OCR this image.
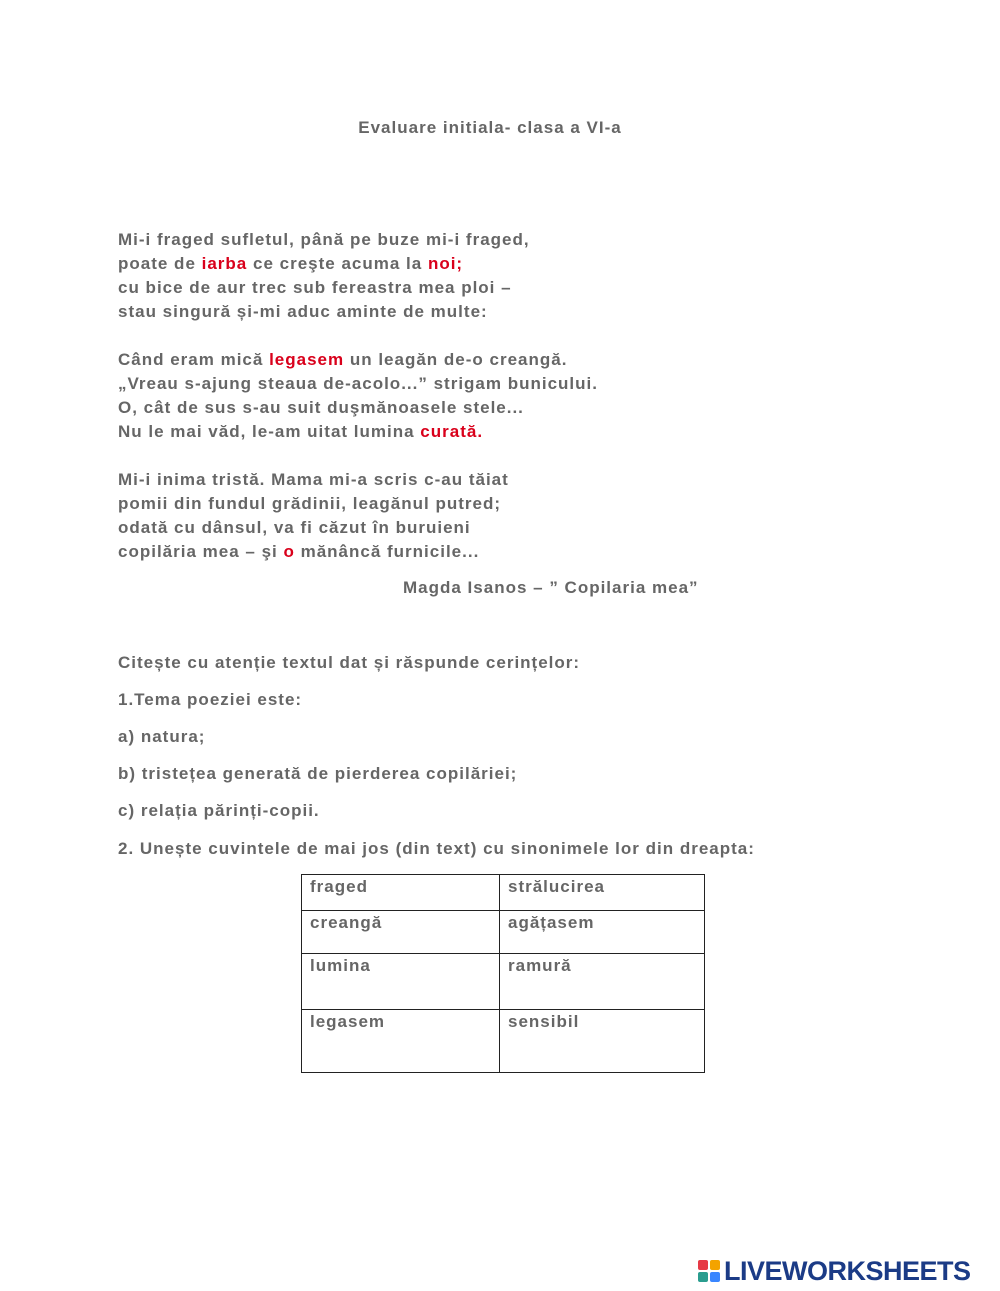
Evaluare initiala- clasa a VI-a
Mi-i fraged sufletul, până pe buze mi-i fraged,
poate de iarba ce creşte acuma la noi;
cu bice de aur trec sub fereastra mea ploi –
stau singură și-mi aduc aminte de multe:
Când eram mică legasem un leagăn de-o creangă.
„Vreau s-ajung steaua de-acolo...” strigam bunicului.
O, cât de sus s-au suit duşmănoasele stele...
Nu le mai văd, le-am uitat lumina curată.
Mi-i inima tristă. Mama mi-a scris c-au tăiat
pomii din fundul grădinii, leagănul putred;
odată cu dânsul, va fi căzut în buruieni
copilăria mea – şi o mănâncă furnicile...
Magda Isanos – ” Copilaria mea”
Citește cu atenție textul dat și răspunde cerințelor:
1.Tema poeziei este:
a) natura;
b) tristețea generată de pierderea copilăriei;
c) relația părinți-copii.
2. Unește cuvintele de mai jos (din text) cu sinonimele lor din dreapta:
fraged	strălucirea
creangă	agățasem
lumina	ramură
legasem	sensibil
LIVEWORKSHEETS
